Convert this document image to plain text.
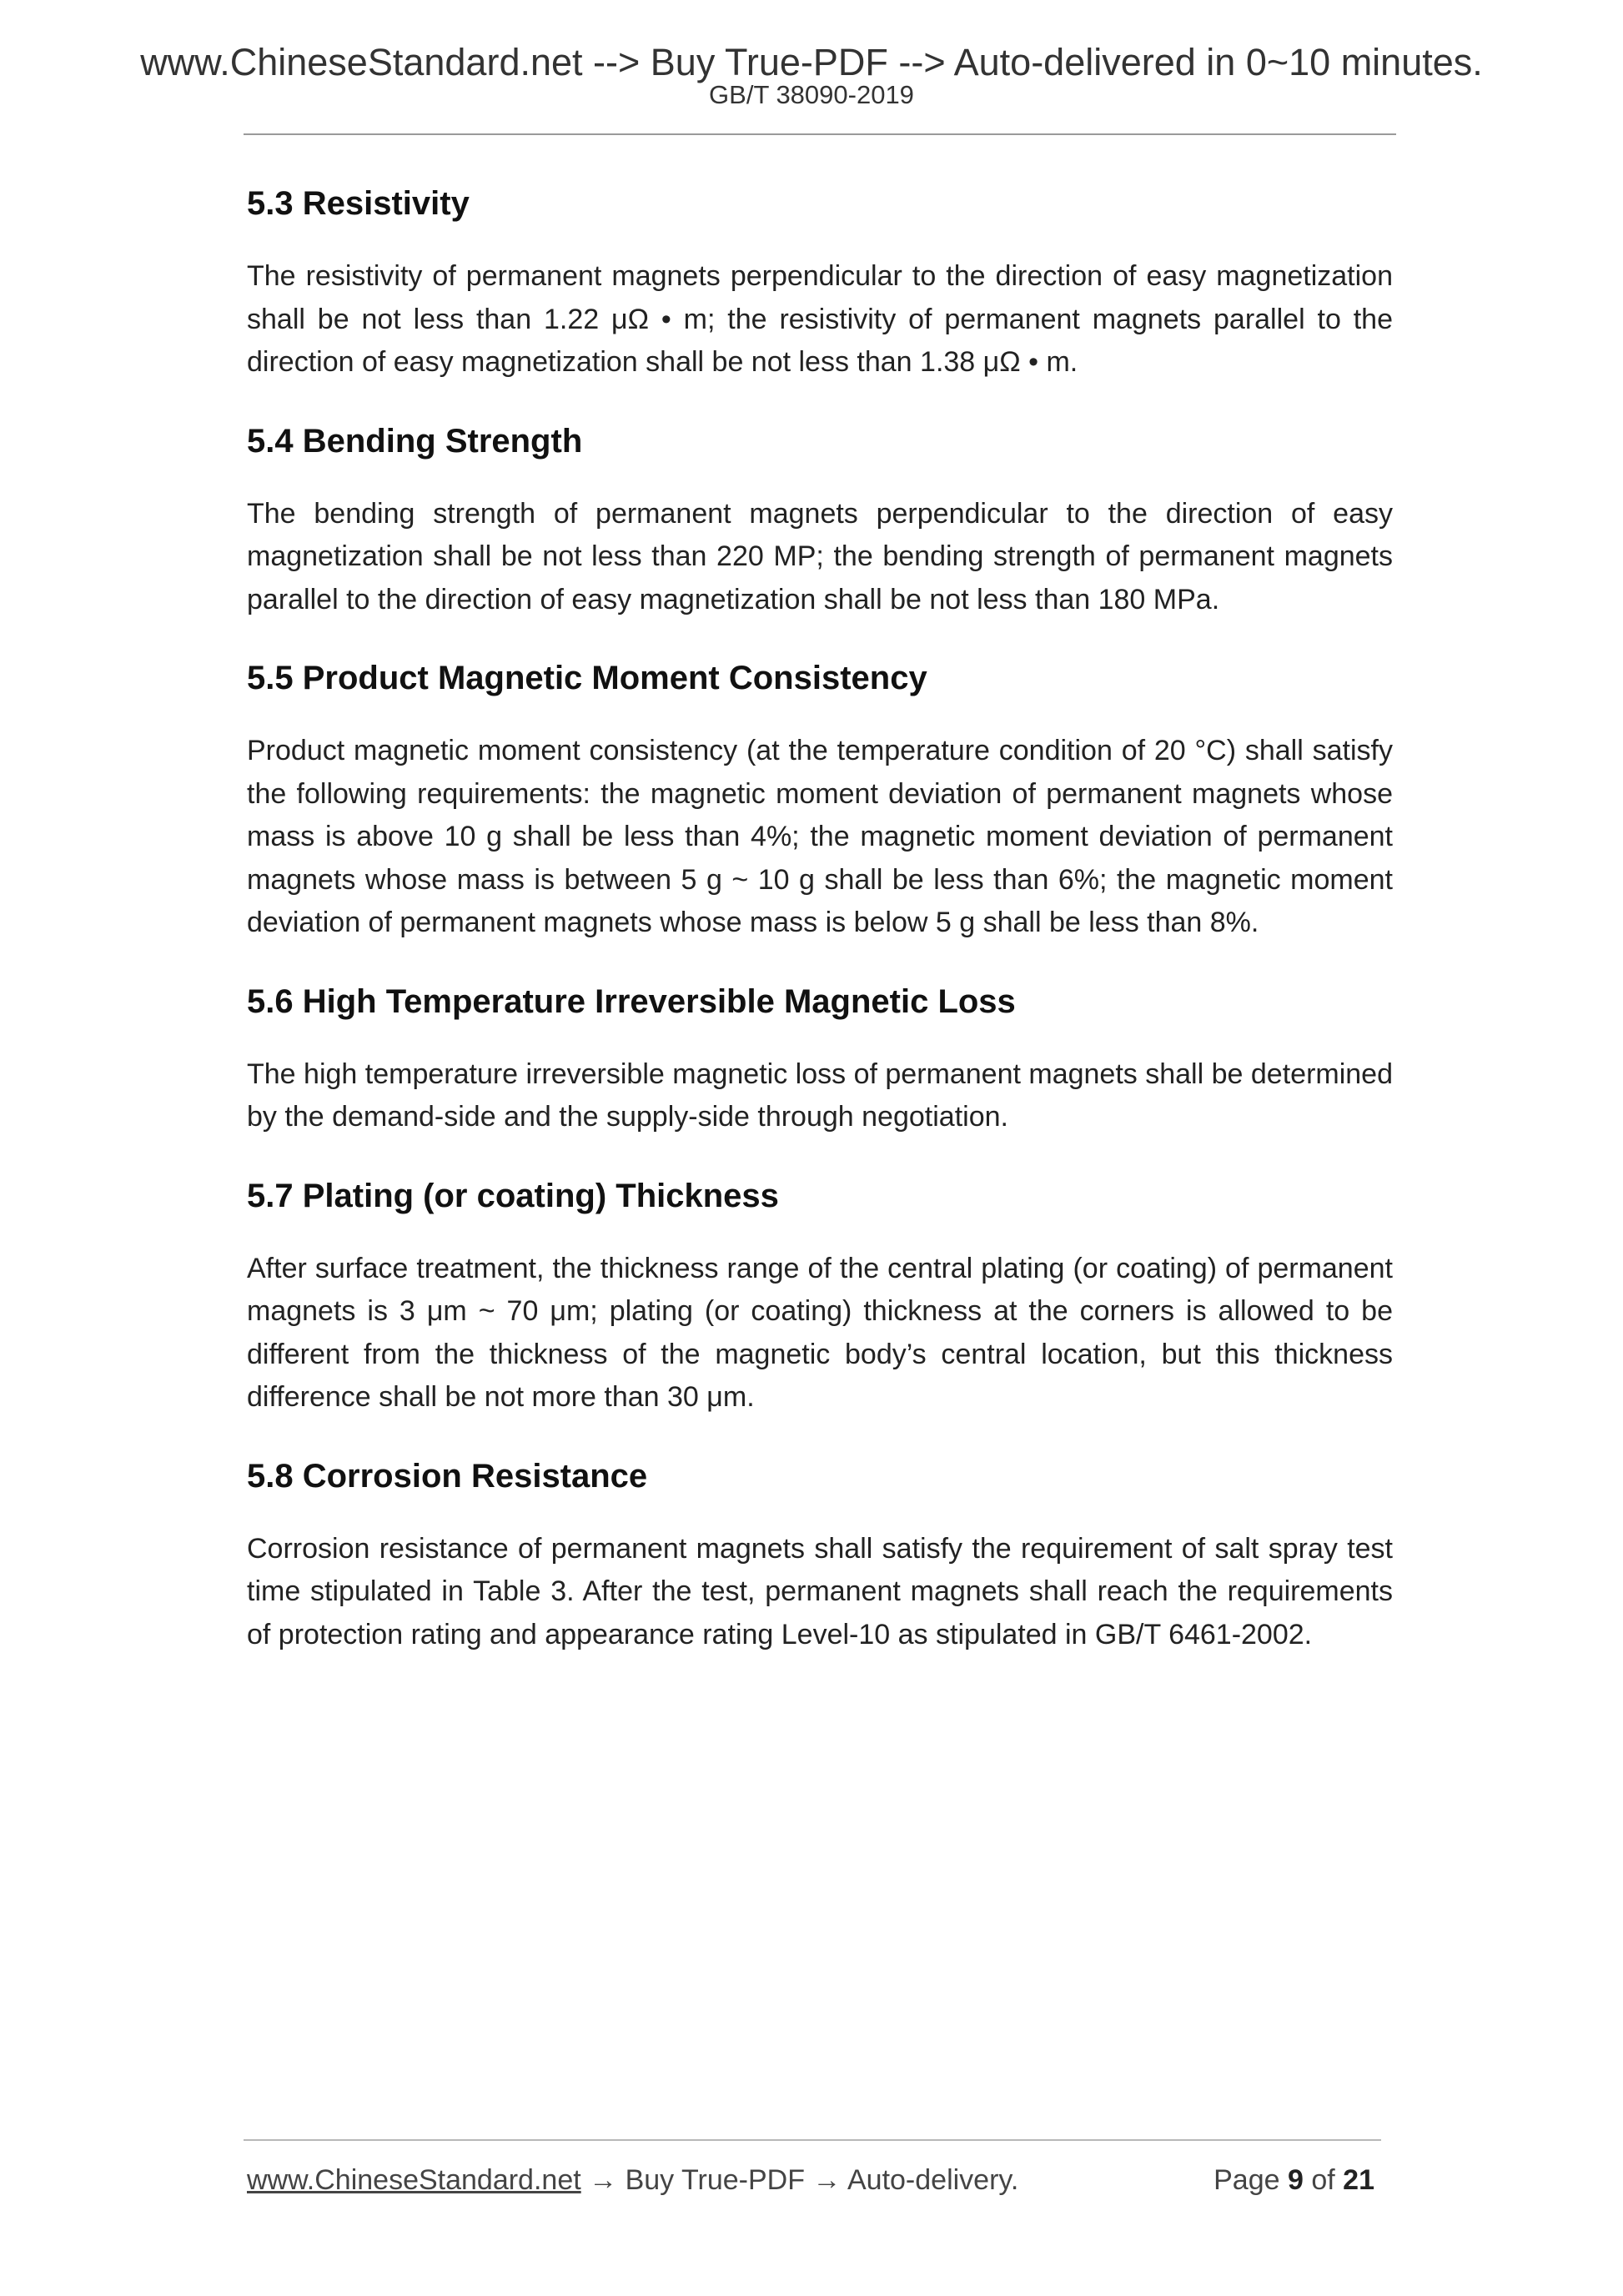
www.ChineseStandard.net --> Buy True-PDF --> Auto-delivered in 0~10 minutes.
GB/T 38090-2019
5.3 Resistivity

The resistivity of permanent magnets perpendicular to the direction of easy magnetization shall be not less than 1.22 μΩ • m; the resistivity of permanent magnets parallel to the direction of easy magnetization shall be not less than 1.38 μΩ • m.

5.4 Bending Strength

The bending strength of permanent magnets perpendicular to the direction of easy magnetization shall be not less than 220 MP; the bending strength of permanent magnets parallel to the direction of easy magnetization shall be not less than 180 MPa.

5.5 Product Magnetic Moment Consistency

Product magnetic moment consistency (at the temperature condition of 20 °C) shall satisfy the following requirements: the magnetic moment deviation of permanent magnets whose mass is above 10 g shall be less than 4%; the magnetic moment deviation of permanent magnets whose mass is between 5 g ~ 10 g shall be less than 6%; the magnetic moment deviation of permanent magnets whose mass is below 5 g shall be less than 8%.

5.6 High Temperature Irreversible Magnetic Loss

The high temperature irreversible magnetic loss of permanent magnets shall be determined by the demand-side and the supply-side through negotiation.

5.7 Plating (or coating) Thickness

After surface treatment, the thickness range of the central plating (or coating) of permanent magnets is 3 μm ~ 70 μm; plating (or coating) thickness at the corners is allowed to be different from the thickness of the magnetic body’s central location, but this thickness difference shall be not more than 30 μm.

5.8 Corrosion Resistance

Corrosion resistance of permanent magnets shall satisfy the requirement of salt spray test time stipulated in Table 3. After the test, permanent magnets shall reach the requirements of protection rating and appearance rating Level-10 as stipulated in GB/T 6461-2002.

www.ChineseStandard.net → Buy True-PDF → Auto-delivery.	Page 9 of 21
